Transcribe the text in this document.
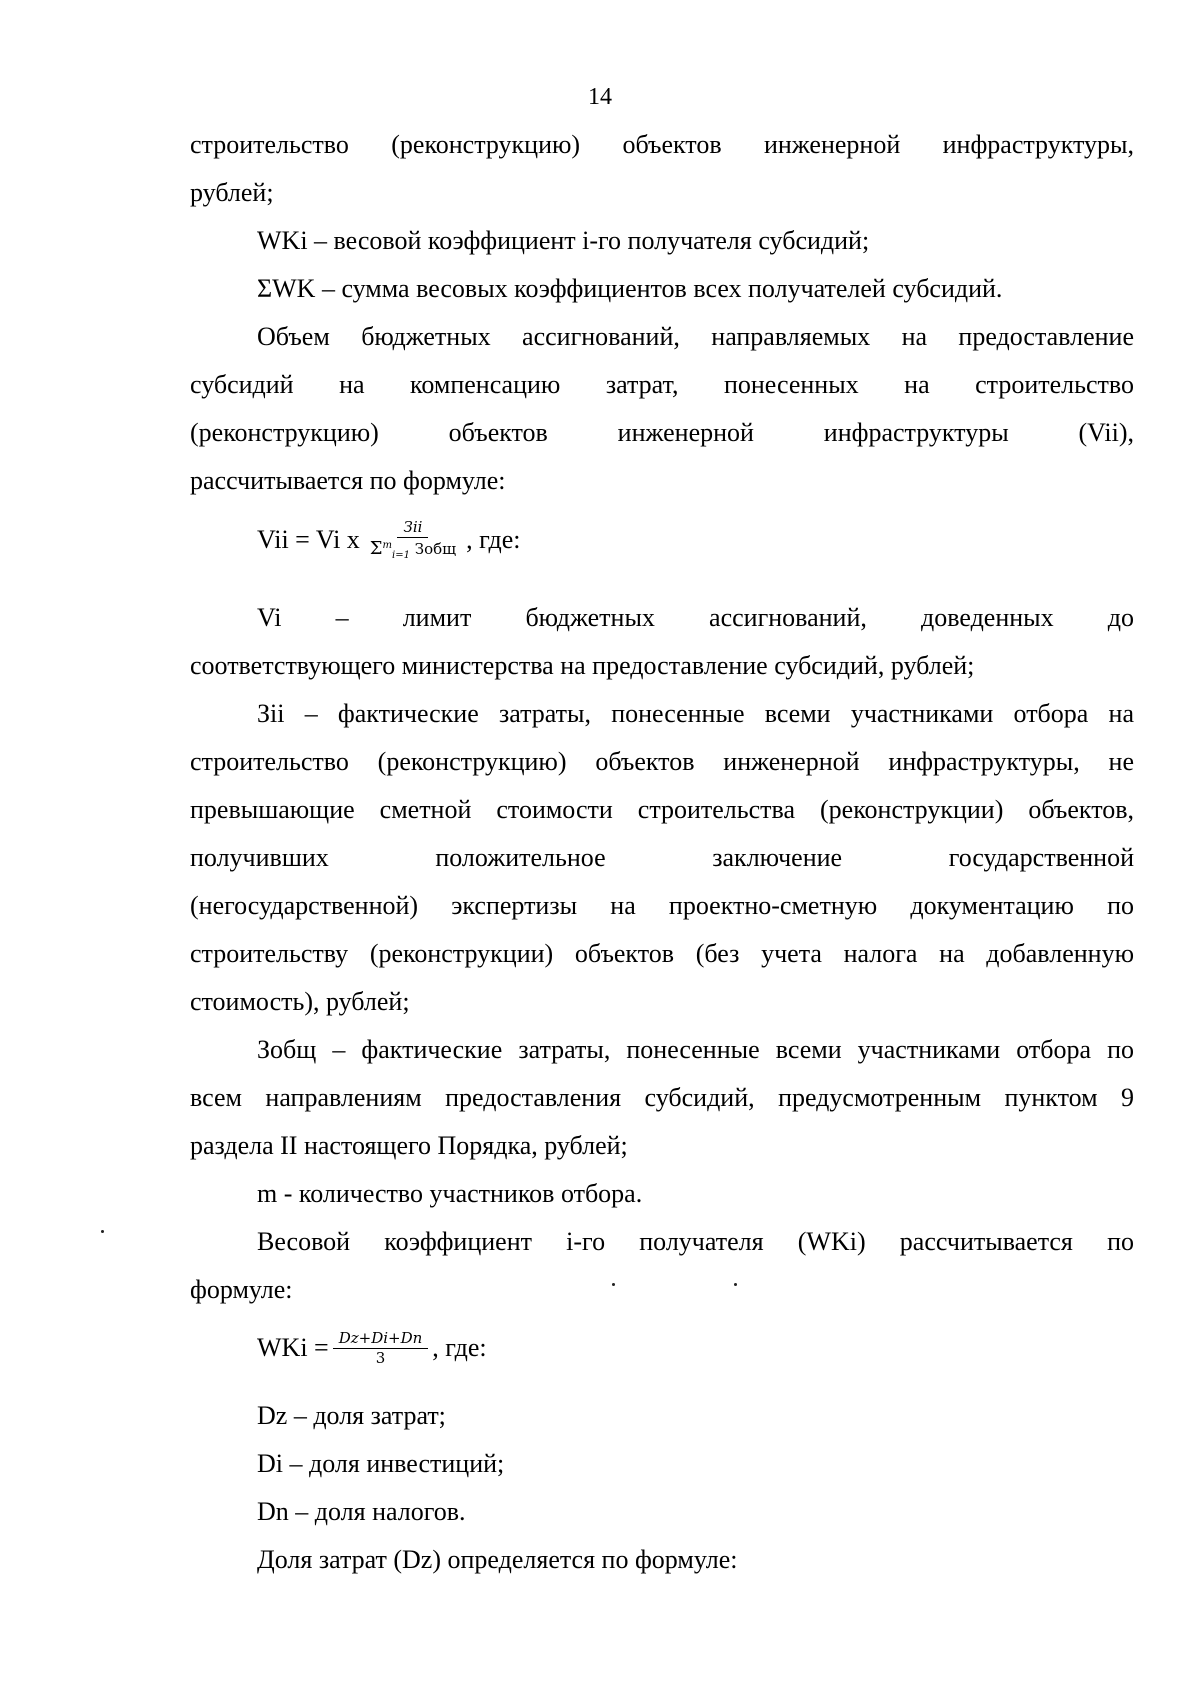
14
строительство (реконструкцию) объектов инженерной инфраструктуры,
рублей;
WKi – весовой коэффициент i-го получателя субсидий;
ΣWK – сумма весовых коэффициентов всех получателей субсидий.
Объем бюджетных ассигнований, направляемых на предоставление
субсидий на компенсацию затрат, понесенных на строительство
(реконструкцию) объектов инженерной инфраструктуры (Vii),
рассчитывается по формуле:
Vii = Vi x $\frac{\text{Зii}}{\Sigma^m_{i=1} Зобщ}$ , где:
Vi – лимит бюджетных ассигнований, доведенных до
соответствующего министерства на предоставление субсидий, рублей;
Зii – фактические затраты, понесенные всеми участниками отбора на
строительство (реконструкцию) объектов инженерной инфраструктуры, не
превышающие сметной стоимости строительства (реконструкции) объектов,
получивших положительное заключение государственной
(негосударственной) экспертизы на проектно-сметную документацию по
строительству (реконструкции) объектов (без учета налога на добавленную
стоимость), рублей;
Зобщ – фактические затраты, понесенные всеми участниками отбора по
всем направлениям предоставления субсидий, предусмотренным пунктом 9
раздела II настоящего Порядка, рублей;
m - количество участников отбора.
Весовой коэффициент i-го получателя (WKi) рассчитывается по
формуле:
WKi = $\frac{Dz+Di+Dn}{3}$ , где:
Dz – доля затрат;
Di – доля инвестиций;
Dn – доля налогов.
Доля затрат (Dz) определяется по формуле:
